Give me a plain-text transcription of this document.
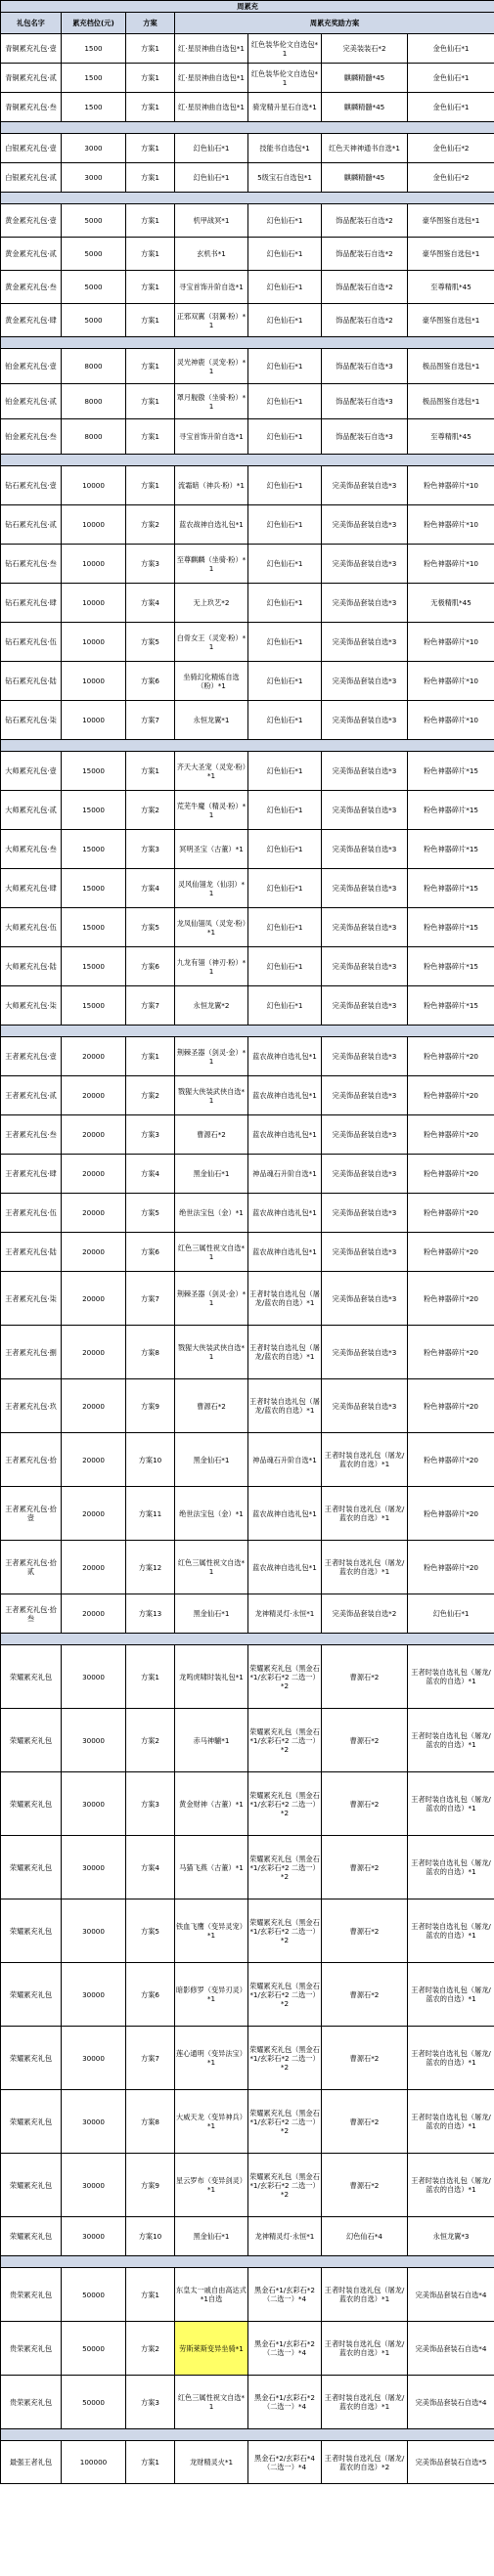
周累充						
礼包名字	累充档位(元)	方案	周累充奖励方案			
青铜累充礼包·壹	1500	方案1	红·星辰神曲自选包*1	红色装华伦文自选包*1	完美装装石*2	金色仙石*1
青铜累充礼包·贰	1500	方案1	红·星辰神曲自选包*1	红色装华伦文自选包*1	麒麟精髓*45	金色仙石*1
青铜累充礼包·叁	1500	方案1	红·星辰神曲自选包*1	骑宠精升星石自选*1	麒麟精髓*45	金色仙石*1

白银累充礼包·壹	3000	方案1	幻色仙石*1	技能书自选包*1	红色天神神通书自选*1	金色仙石*2
白银累充礼包·贰	3000	方案1	幻色仙石*1	5级宝石自选包*1	麒麟精髓*45	金色仙石*2

黄金累充礼包·壹	5000	方案1	机甲战冥*1	幻色仙石*1	饰品配装石自选*2	豪华图鉴自选包*1
黄金累充礼包·贰	5000	方案1	玄机书*1	幻色仙石*1	饰品配装石自选*2	豪华图鉴自选包*1
黄金累充礼包·叁	5000	方案1	寻宝首饰升阶自选*1	幻色仙石*1	饰品配装石自选*2	至尊精肌*45
黄金累充礼包·肆	5000	方案1	正邪双翼（羽翼·粉）*1	幻色仙石*1	饰品配装石自选*2	豪华图鉴自选包*1

铂金累充礼包·壹	8000	方案1	灵光神鹿（灵宠·粉）*1	幻色仙石*1	饰品配装石自选*3	极品图鉴自选包*1
铂金累充礼包·贰	8000	方案1	罩月舰傲（坐骑·粉）*1	幻色仙石*1	饰品配装石自选*3	极品图鉴自选包*1
铂金累充礼包·叁	8000	方案1	寻宝首饰升阶自选*1	幻色仙石*1	饰品配装石自选*3	至尊精肌*45

钻石累充礼包·壹	10000	方案1	流霜暗（神兵·粉）*1	幻色仙石*1	完美饰品套装自选*3	粉色神器碎片*10
钻石累充礼包·贰	10000	方案2	蓝农战神自选礼包*1	幻色仙石*1	完美饰品套装自选*3	粉色神器碎片*10
钻石累充礼包·叁	10000	方案3	至尊麒麟（坐骑·粉）*1	幻色仙石*1	完美饰品套装自选*3	粉色神器碎片*10
钻石累充礼包·肆	10000	方案4	无上玖艺*2	幻色仙石*1	完美饰品套装自选*3	无极精肌*45
钻石累充礼包·伍	10000	方案5	白骨女王（灵宠·粉）*1	幻色仙石*1	完美饰品套装自选*3	粉色神器碎片*10
钻石累充礼包·陆	10000	方案6	坐骑幻化精炼自选（粉）*1	幻色仙石*1	完美饰品套装自选*3	粉色神器碎片*10
钻石累充礼包·柒	10000	方案7	永恒龙翼*1	幻色仙石*1	完美饰品套装自选*3	粉色神器碎片*10

大师累充礼包·壹	15000	方案1	齐天大圣宠（灵宠·粉）*1	幻色仙石*1	完美饰品套装自选*3	粉色神器碎片*15
大师累充礼包·贰	15000	方案2	荒芜牛魔（精灵·粉）*1	幻色仙石*1	完美饰品套装自选*3	粉色神器碎片*15
大师累充礼包·叁	15000	方案3	冥明圣宝（古董）*1	幻色仙石*1	完美饰品套装自选*3	粉色神器碎片*15
大师累充礼包·肆	15000	方案4	灵风仙翎龙（仙羽）*1	幻色仙石*1	完美饰品套装自选*3	粉色神器碎片*15
大师累充礼包·伍	15000	方案5	龙凤仙翎凤（灵宠·粉）*1	幻色仙石*1	完美饰品套装自选*3	粉色神器碎片*15
大师累充礼包·陆	15000	方案6	九龙有翎（神刃·粉）*1	幻色仙石*1	完美饰品套装自选*3	粉色神器碎片*15
大师累充礼包·柒	15000	方案7	永恒龙翼*2	幻色仙石*1	完美饰品套装自选*3	粉色神器碎片*15

王者累充礼包·壹	20000	方案1	荆棘圣器（剑灵·金）*1	蓝农战神自选礼包*1	完美饰品套装自选*3	粉色神器碎片*20
王者累充礼包·贰	20000	方案2	戮猩大侠装武侠自选*1	蓝农战神自选礼包*1	完美饰品套装自选*3	粉色神器碎片*20
王者累充礼包·叁	20000	方案3	曹源石*2	蓝农战神自选礼包*1	完美饰品套装自选*3	粉色神器碎片*20
王者累充礼包·肆	20000	方案4	黑金仙石*1	神品魂石升阶自选*1	完美饰品套装自选*3	粉色神器碎片*20
王者累充礼包·伍	20000	方案5	绝世法宝包（金）*1	蓝农战神自选礼包*1	完美饰品套装自选*3	粉色神器碎片*20
王者累充礼包·陆	20000	方案6	红色三属性祝文自选*1	蓝农战神自选礼包*1	完美饰品套装自选*3	粉色神器碎片*20
王者累充礼包·柒	20000	方案7	荆棘圣器（剑灵·金）*1	王者时装自选礼包（屠龙/蓝农的自选）*1	完美饰品套装自选*3	粉色神器碎片*20
王者累充礼包·捌	20000	方案8	戮猩大侠装武侠自选*1	王者时装自选礼包（屠龙/蓝农的自选）*1	完美饰品套装自选*3	粉色神器碎片*20
王者累充礼包·玖	20000	方案9	曹源石*2	王者时装自选礼包（屠龙/蓝农的自选）*1	完美饰品套装自选*3	粉色神器碎片*20
王者累充礼包·拾	20000	方案10	黑金仙石*1	神品魂石升阶自选*1	王者时装自选礼包（屠龙/蓝农的自选）*1	粉色神器碎片*20
王者累充礼包·拾壹	20000	方案11	绝世法宝包（金）*1	蓝农战神自选礼包*1	王者时装自选礼包（屠龙/蓝农的自选）*1	粉色神器碎片*20
王者累充礼包·拾贰	20000	方案12	红色三属性祝文自选*1	蓝农战神自选礼包*1	王者时装自选礼包（屠龙/蓝农的自选）*1	粉色神器碎片*20
王者累充礼包·拾叁	20000	方案13	黑金仙石*1	龙神精灵灯·永恒*1	完美饰品套装自选*2	幻色仙石*1

荣耀累充礼包	30000	方案1	龙鸣虎啸时装礼包*1	荣耀累充礼包（黑金石*1/玄彩石*2 二选一）*2	曹源石*2	王者时装自选礼包（屠龙/蓝农的自选）*1
荣耀累充礼包	30000	方案2	赤马神騚*1	荣耀累充礼包（黑金石*1/玄彩石*2 二选一）*2	曹源石*2	王者时装自选礼包（屠龙/蓝农的自选）*1
荣耀累充礼包	30000	方案3	黄金财神（古董）*1	荣耀累充礼包（黑金石*1/玄彩石*2 二选一）*2	曹源石*2	王者时装自选礼包（屠龙/蓝农的自选）*1
荣耀累充礼包	30000	方案4	马猫飞燕（古董）*1	荣耀累充礼包（黑金石*1/玄彩石*2 二选一）*2	曹源石*2	王者时装自选礼包（屠龙/蓝农的自选）*1
荣耀累充礼包	30000	方案5	铁血飞鹰（变异灵宠）*1	荣耀累充礼包（黑金石*1/玄彩石*2 二选一）*2	曹源石*2	王者时装自选礼包（屠龙/蓝农的自选）*1
荣耀累充礼包	30000	方案6	暗影修罗（变异刃灵）*1	荣耀累充礼包（黑金石*1/玄彩石*2 二选一）*2	曹源石*2	王者时装自选礼包（屠龙/蓝农的自选）*1
荣耀累充礼包	30000	方案7	莲心通明（变异法宝）*1	荣耀累充礼包（黑金石*1/玄彩石*2 二选一）*2	曹源石*2	王者时装自选礼包（屠龙/蓝农的自选）*1
荣耀累充礼包	30000	方案8	大威天龙（变异神兵）*1	荣耀累充礼包（黑金石*1/玄彩石*2 二选一）*2	曹源石*2	王者时装自选礼包（屠龙/蓝农的自选）*1
荣耀累充礼包	30000	方案9	星云罗布（变异剑灵）*1	荣耀累充礼包（黑金石*1/玄彩石*2 二选一）*2	曹源石*2	王者时装自选礼包（屠龙/蓝农的自选）*1
荣耀累充礼包	30000	方案10	黑金仙石*1	龙神精灵灯·永恒*1	幻色仙石*4	永恒龙翼*3

贵荣累充礼包	50000	方案1	东皇太一戚自由高达式*1自选	黑金石*1/玄彩石*2（二选一）*4	王者时装自选礼包（屠龙/蓝农的自选）*1	完美饰品套装石自选*4
贵荣累充礼包	50000	方案2	劳斯莱斯变异坐骑*1	黑金石*1/玄彩石*2（二选一）*4	王者时装自选礼包（屠龙/蓝农的自选）*1	完美饰品套装石自选*4
贵荣累充礼包	50000	方案3	红色三属性祝文自选*1	黑金石*1/玄彩石*2（二选一）*4	王者时装自选礼包（屠龙/蓝农的自选）*1	完美饰品套装石自选*4

最强王者礼包	100000	方案1	龙财精灵火*1	黑金石*2/玄彩石*4（二选一）*4	王者时装自选礼包（屠龙/蓝农的自选）*2	完美饰品套装石自选*5
